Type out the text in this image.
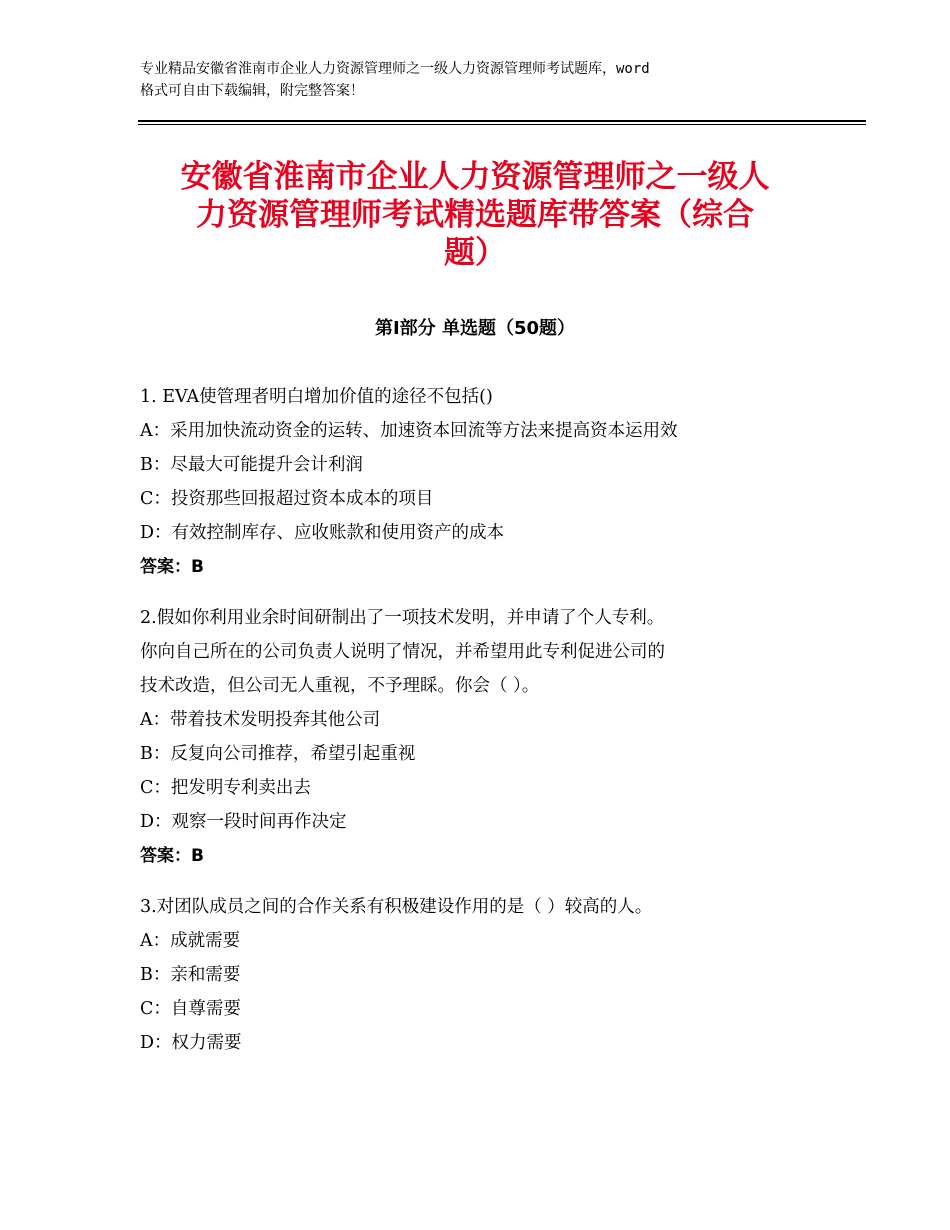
专业精品安徽省淮南市企业人力资源管理师之一级人力资源管理师考试题库，word
格式可自由下载编辑，附完整答案！
安徽省淮南市企业人力资源管理师之一级人
力资源管理师考试精选题库带答案（综合
题）
第Ⅰ部分 单选题（50题）
1. EVA使管理者明白增加价值的途径不包括()
A：采用加快流动资金的运转、加速资本回流等方法来提高资本运用效
B：尽最大可能提升会计利润
C：投资那些回报超过资本成本的项目
D：有效控制库存、应收账款和使用资产的成本
答案：B
2.假如你利用业余时间研制出了一项技术发明，并申请了个人专利。
你向自己所在的公司负责人说明了情况，并希望用此专利促进公司的
技术改造，但公司无人重视，不予理睬。你会（ ）。
A：带着技术发明投奔其他公司
B：反复向公司推荐，希望引起重视
C：把发明专利卖出去
D：观察一段时间再作决定
答案：B
3.对团队成员之间的合作关系有积极建设作用的是（ ）较高的人。
A：成就需要
B：亲和需要
C：自尊需要
D：权力需要
